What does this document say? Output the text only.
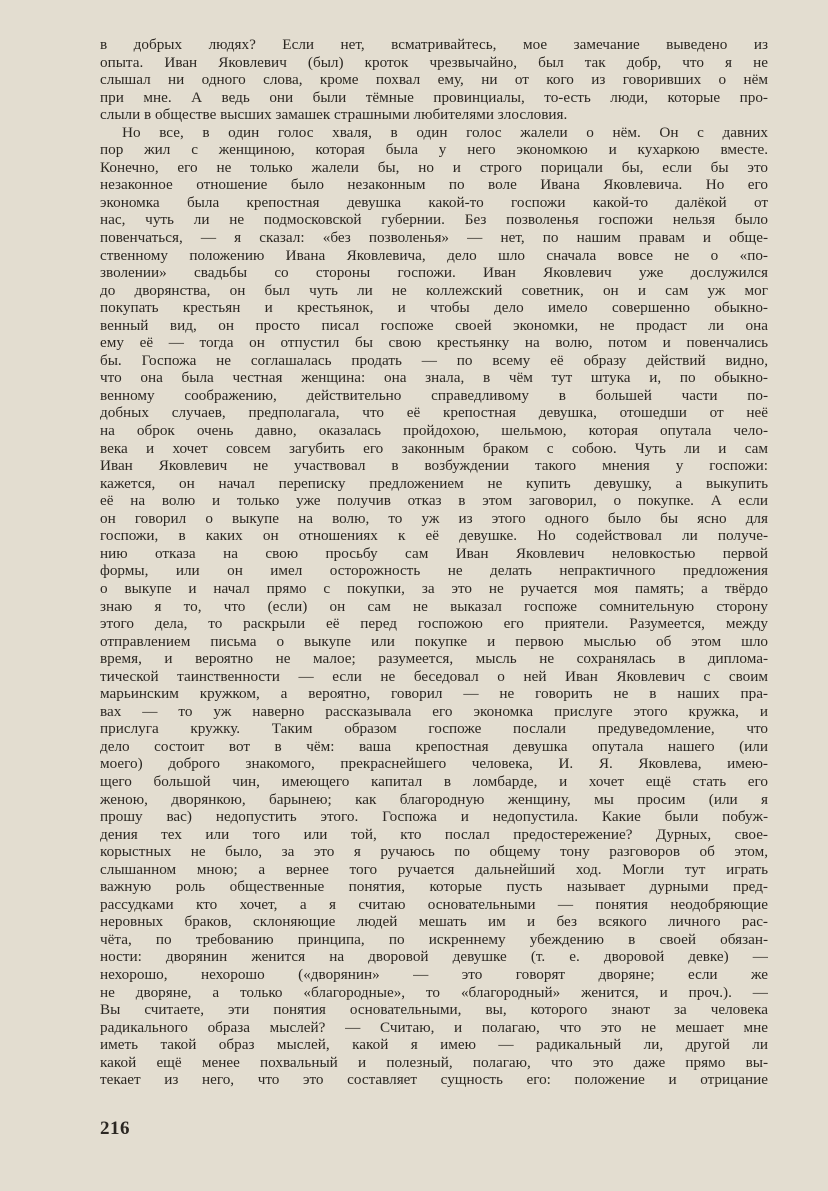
в добрых людях? Если нет, всматривайтесь, мое замечание выведено из
опыта. Иван Яковлевич (был) кроток чрезвычайно, был так добр, что я не
слышал ни одного слова, кроме похвал ему, ни от кого из говоривших о нём
при мне. А ведь они были тёмные провинциалы, то-есть люди, которые про-
слыли в обществе высших замашек страшными любителями злословия.

Но все, в один голос хваля, в один голос жалели о нём. Он с давних
пор жил с женщиною, которая была у него экономкою и кухаркою вместе.
Конечно, его не только жалели бы, но и строго порицали бы, если бы это
незаконное отношение было незаконным по воле Ивана Яковлевича. Но его
экономка была крепостная девушка какой-то госпожи какой-то далёкой от
нас, чуть ли не подмосковской губернии. Без позволенья госпожи нельзя было
повенчаться, — я сказал: «без позволенья» — нет, по нашим правам и обще-
ственному положению Ивана Яковлевича, дело шло сначала вовсе не о «по-
зволении» свадьбы со стороны госпожи. Иван Яковлевич уже дослужился
до дворянства, он был чуть ли не коллежский советник, он и сам уж мог
покупать крестьян и крестьянок, и чтобы дело имело совершенно обыкно-
венный вид, он просто писал госпоже своей экономки, не продаст ли она
ему её — тогда он отпустил бы свою крестьянку на волю, потом и повенчались
бы. Госпожа не соглашалась продать — по всему её образу действий видно,
что она была честная женщина: она знала, в чём тут штука и, по обыкно-
венному соображению, действительно справедливому в большей части по-
добных случаев, предполагала, что её крепостная девушка, отошедши от неё
на оброк очень давно, оказалась пройдохою, шельмою, которая опутала чело-
века и хочет совсем загубить его законным браком с собою. Чуть ли и сам
Иван Яковлевич не участвовал в возбуждении такого мнения у госпожи:
кажется, он начал переписку предложением не купить девушку, а выкупить
её на волю и только уже получив отказ в этом заговорил, о покупке. А если
он говорил о выкупе на волю, то уж из этого одного было бы ясно для
госпожи, в каких он отношениях к её девушке. Но содействовал ли получе-
нию отказа на свою просьбу сам Иван Яковлевич неловкостью первой
формы, или он имел осторожность не делать непрактичного предложения
о выкупе и начал прямо с покупки, за это не ручается моя память; а твёрдо
знаю я то, что (если) он сам не выказал госпоже сомнительную сторону
этого дела, то раскрыли её перед госпожою его приятели. Разумеется, между
отправлением письма о выкупе или покупке и первою мыслью об этом шло
время, и вероятно не малое; разумеется, мысль не сохранялась в диплома-
тической таинственности — если не беседовал о ней Иван Яковлевич с своим
марьинским кружком, а вероятно, говорил — не говорить не в наших пра-
вах — то уж наверно рассказывала его экономка прислуге этого кружка, и
прислуга кружку. Таким образом госпоже послали предуведомление, что
дело состоит вот в чём: ваша крепостная девушка опутала нашего (или
моего) доброго знакомого, прекраснейшего человека, И. Я. Яковлева, имею-
щего большой чин, имеющего капитал в ломбарде, и хочет ещё стать его
женою, дворянкою, барынею; как благородную женщину, мы просим (или я
прошу вас) недопустить этого. Госпожа и недопустила. Какие были побуж-
дения тех или того или той, кто послал предостережение? Дурных, свое-
корыстных не было, за это я ручаюсь по общему тону разговоров об этом,
слышанном мною; а вернее того ручается дальнейший ход. Могли тут играть
важную роль общественные понятия, которые пусть называет дурными пред-
рассудками кто хочет, а я считаю основательными — понятия неодобряющие
неровных браков, склоняющие людей мешать им и без всякого личного рас-
чёта, по требованию принципа, по искреннему убеждению в своей обязан-
ности: дворянин женится на дворовой девушке (т. е. дворовой девке) —
нехорошо, нехорошо («дворянин» — это говорят дворяне; если же
не дворяне, а только «благородные», то «благородный» женится, и проч.). —
Вы считаете, эти понятия основательными, вы, которого знают за человека
радикального образа мыслей? — Считаю, и полагаю, что это не мешает мне
иметь такой образ мыслей, какой я имею — радикальный ли, другой ли
какой ещё менее похвальный и полезный, полагаю, что это даже прямо вы-
текает из него, что это составляет сущность его: положение и отрицание

216
